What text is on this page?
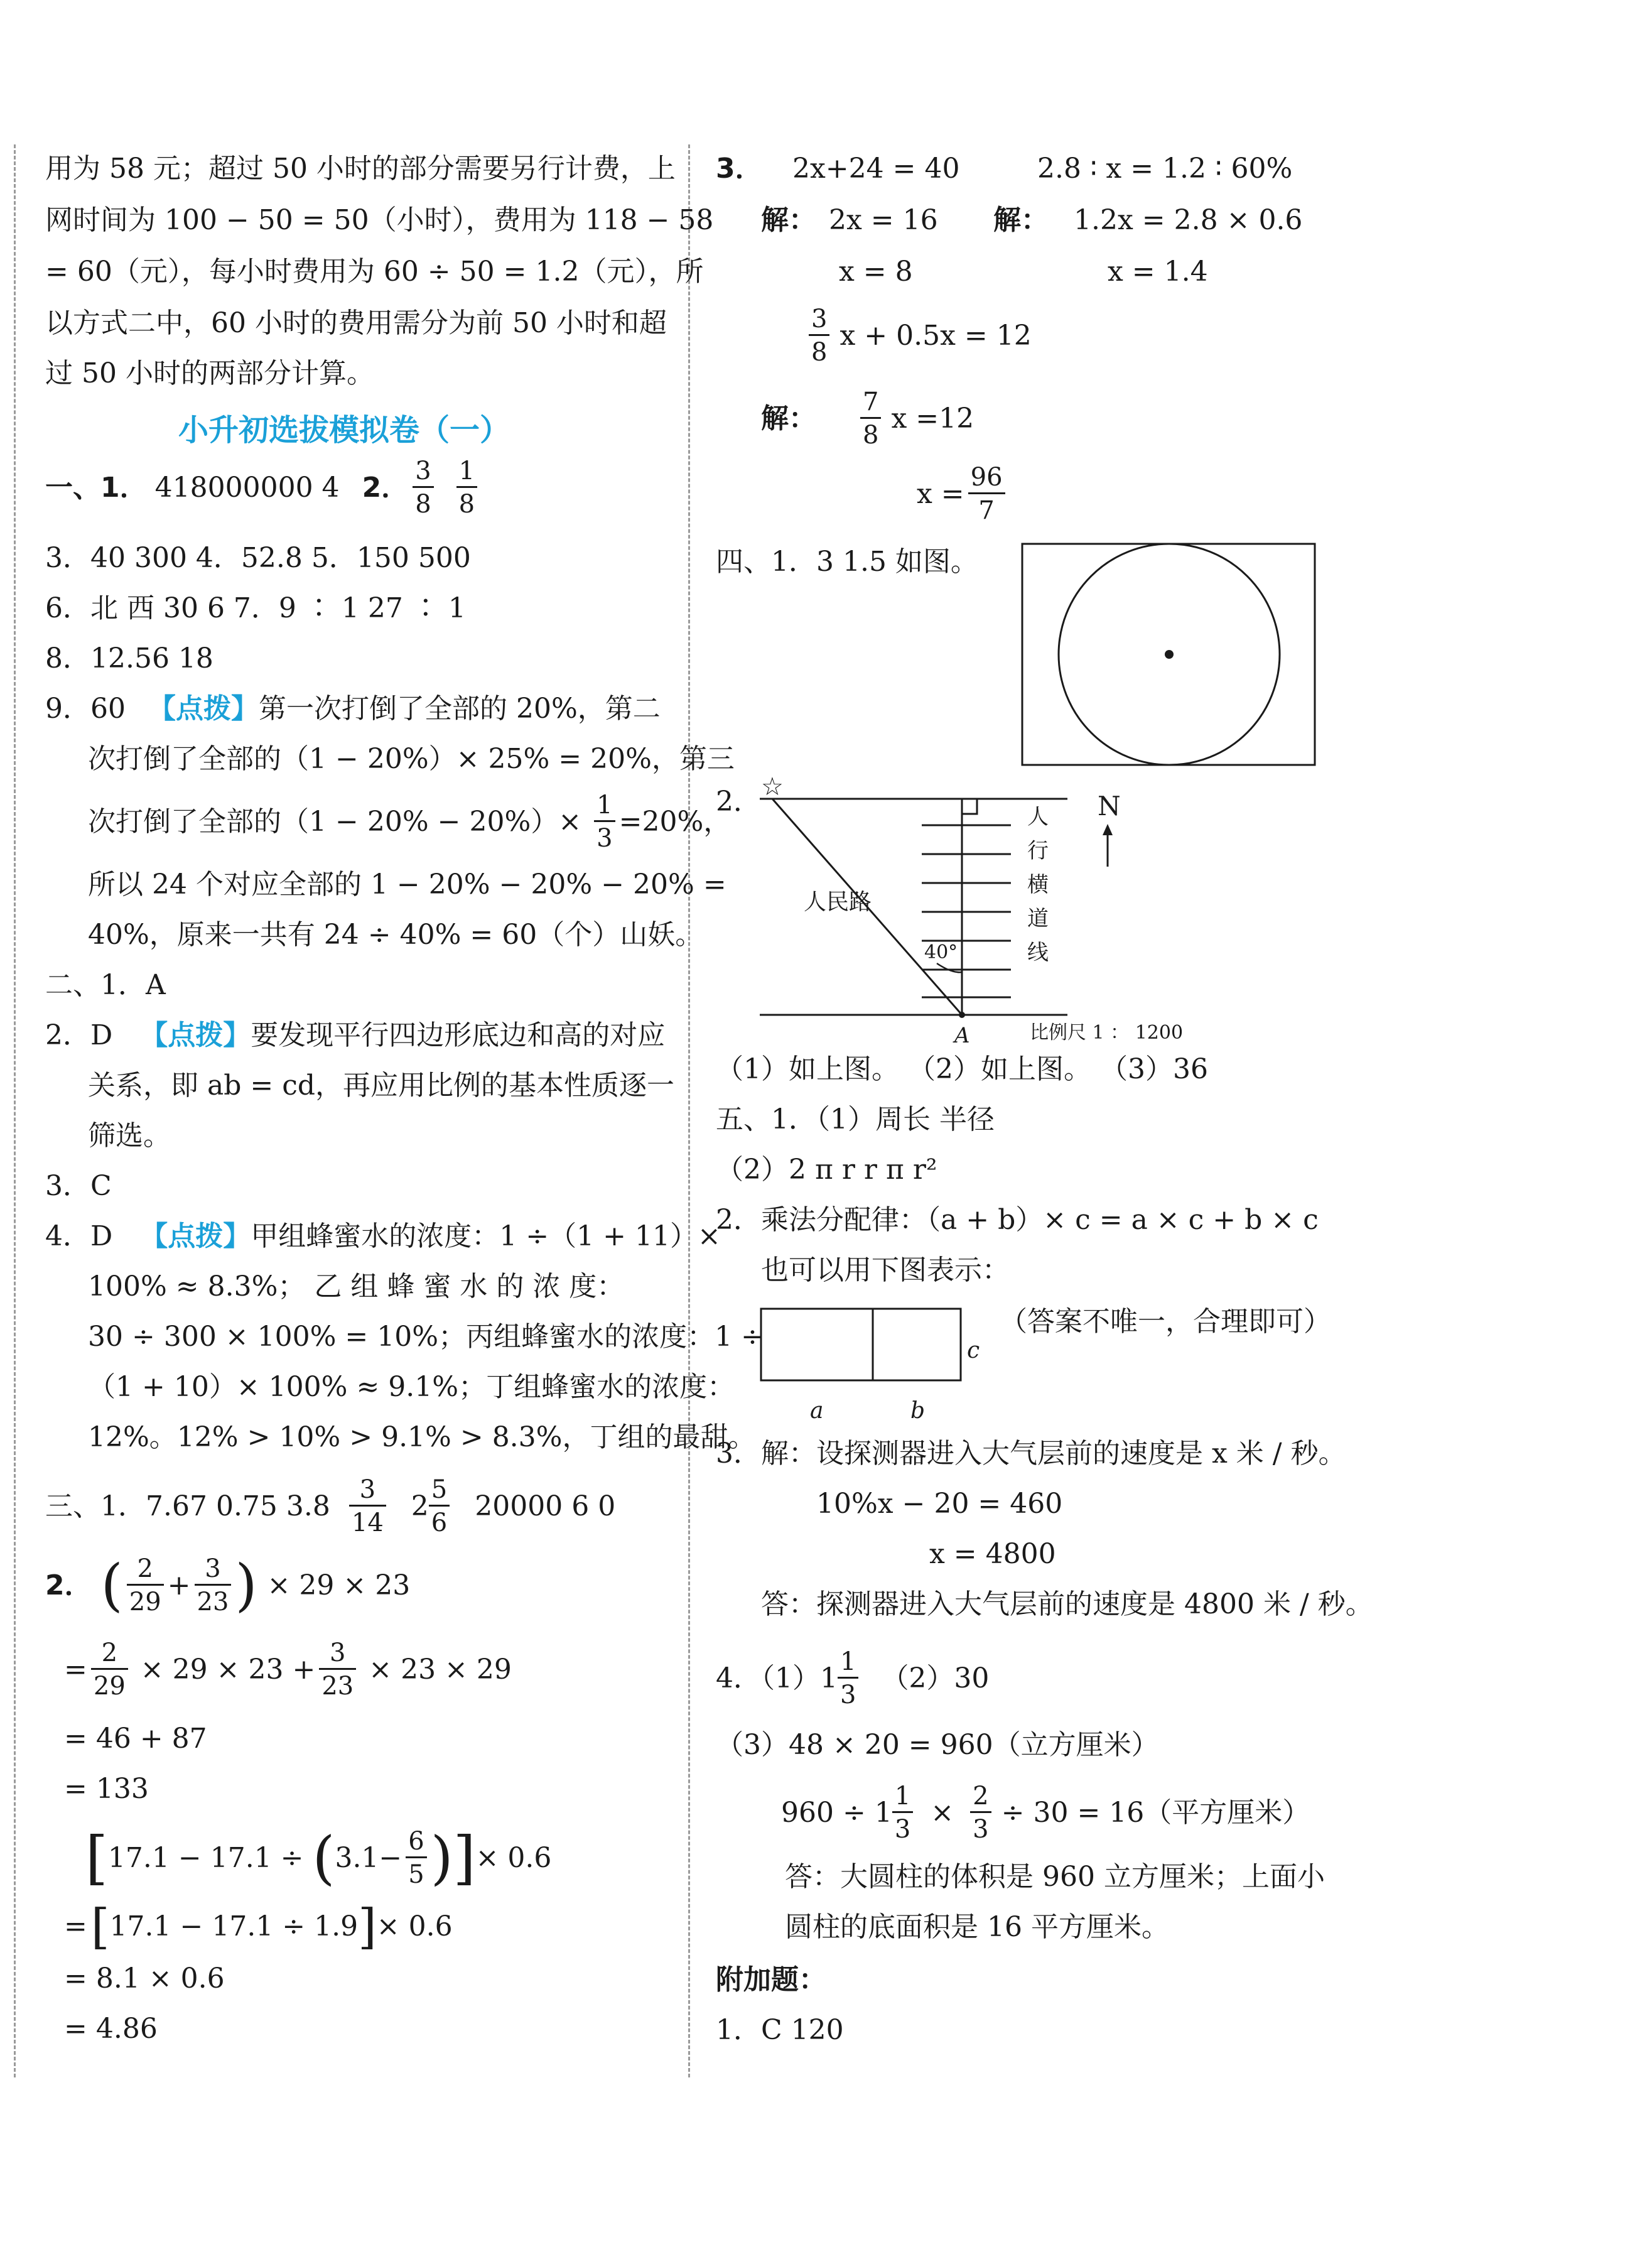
用为 58 元；超过 50 小时的部分需要另行计费，上
网时间为 100 − 50 = 50（小时），费用为 118 − 58
= 60（元），每小时费用为 60 ÷ 50 = 1.2（元），所
以方式二中，60 小时的费用需分为前 50 小时和超
过 50 小时的两部分计算。
小升初选拔模拟卷（一）
一、1． 418000000 4 2． $\frac{3}{8} \frac{1}{8}$
3．40 300 4．52.8 5．150 500
6．北 西 30 6 7．9 ∶ 1 27 ∶ 1
8．12.56 18
9．60 【点拨】第一次打倒了全部的 20%，第二
次打倒了全部的（1 − 20%）× 25% = 20%，第三
次打倒了全部的$(1 - 20\% - 20\%)\times \frac{1}{3} =20\%$，
所以 24 个对应全部的 1 − 20% − 20% − 20% =
40%，原来一共有 24 ÷ 40% = 60（个）山妖。
二、1．A
2．D 【点拨】要发现平行四边形底边和高的对应
关系，即 ab = cd，再应用比例的基本性质逐一
筛选。
3．C
4．D 【点拨】甲组蜂蜜水的浓度：1 ÷（1 + 11）×
100% ≈ 8.3%； 乙 组 蜂 蜜 水 的 浓 度：
30 ÷ 300 × 100% = 10%；丙组蜂蜜水的浓度：1 ÷
（1 + 10）× 100% ≈ 9.1%；丁组蜂蜜水的浓度：
12%。12% > 10% > 9.1% > 8.3%，丁组的最甜。
三、1．7.67 0.75 $3.8 \frac{3}{14} 2 \frac{5}{6} 20000$ 6 0
2． ( $\frac{2}{29} + \frac{3}{23}$ ) × 29 × 23
= $\frac{2}{29} \times 29 \times 23 + \frac{3}{23} \times 23 \times 29$
= 46 + 87
= 133
[ 17.1 − 17.1 ÷ ( $3.1- \frac{6}{5}$ ) ] × 0.6
= [ 17.1 − 17.1 ÷ 1.9 ] × 0.6
= 8.1 × 0.6
= 4.86
3． 2x+24 = 40	2.8 ∶ x = 1.2 ∶ 60%
解： 2x = 16 解： 1.2x = 2.8 × 0.6
x = 8	x = 1.4
$\frac{3}{8}$ x + 0.5x = 12
解： $\frac{7}{8}$ x =12
$x = \frac{96}{7}$
四、1．3 1.5 如图。
2． ☆
人民路
40°
A
人
行
横
道
线
N
比例尺 1 ： 1200
（1）如上图。 （2）如上图。 （3）36
五、1．（1）周长 半径
（2）2 π r r π r²
2．乘法分配律：（a + b）× c = a × c + b × c
也可以用下图表示：
c
a	b
（答案不唯一，合理即可）
3．解：设探测器进入大气层前的速度是 x 米 / 秒。
10%x − 20 = 460
x = 4800
答：探测器进入大气层前的速度是 4800 米 / 秒。
4．$(1)1 \frac{1}{3} (2)30$
（3）48 × 20 = 960（立方厘米）
$960 \div 1 \frac{1}{3} \times \frac{2}{3} \div 30 = 16$（平方厘米）
答：大圆柱的体积是 960 立方厘米；上面小
圆柱的底面积是 16 平方厘米。
附加题：
1．C 120
